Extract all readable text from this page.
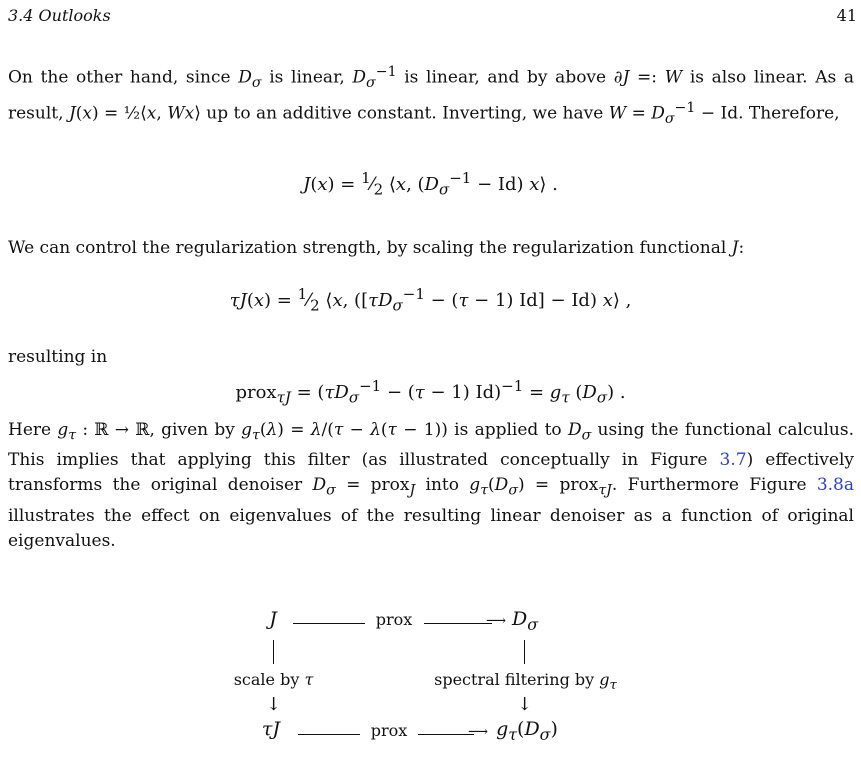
3.4 Outlooks	41
On the other hand, since $D_\sigma$ is linear, $D_\sigma^{-1}$ is linear, and by above ∂J =: W is also linear. As a result, J(x) = ½⟨x, Wx⟩ up to an additive constant. Inverting, we have $W = D_\sigma^{-1} - Id$. Therefore,
$J(x) = ^1⁄_2$ ⟨x, $(D_\sigma^{-1} - Id)$ x⟩ .
We can control the regularization strength, by scaling the regularization functional J:
$\tau J(x) = ^1⁄_2$ ⟨x, $([\tau D_\sigma^{-1} - (\tau - 1) Id] - Id)$ x⟩ ,
resulting in
prox$_{\tau J}$ = $(\tau D_\sigma^{-1} - (\tau - 1) Id)^{-1} = g_\tau$ $(D_\sigma)$ .
Here $g_\tau$ : ℝ → ℝ, given by $g_\tau(\lambda) = \lambda/(\tau - \lambda(\tau - 1))$ is applied to $D_\sigma$ using the functional calculus. This implies that applying this filter (as illustrated conceptually in Figure 3.7) effectively transforms the original denoiser $D_\sigma$ = prox$_J$ into $g_\tau(D_\sigma)$ = prox$_{\tau J}$. Furthermore Figure 3.8a illustrates the effect on eigenvalues of the resulting linear denoiser as a function of original eigenvalues.
J	$D_\sigma$
τJ	$g_\tau(D_\sigma)$
prox	⟶
scale by τ
↓
spectral filtering by $g_\tau$
↓
prox	⟶
